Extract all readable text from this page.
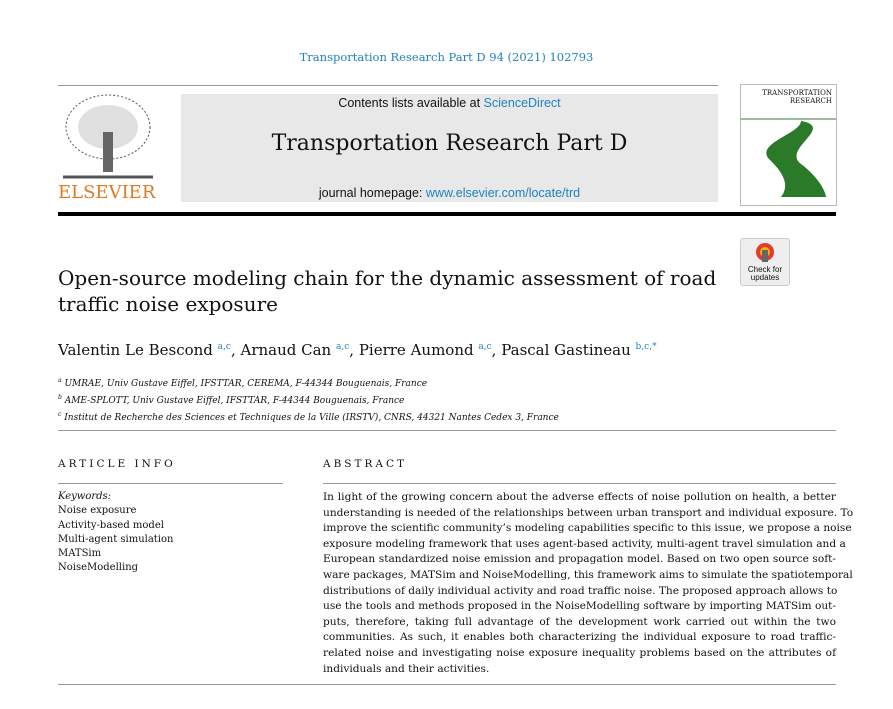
Transportation Research Part D 94 (2021) 102793
ELSEVIER
Contents lists available at ScienceDirect
Transportation Research Part D
journal homepage: www.elsevier.com/locate/trd
TRANSPORTATION RESEARCH
Open-source modeling chain for the dynamic assessment of road traffic noise exposure
Check for updates
Valentin Le Bescond $^{a,c}$, Arnaud Can $^{a,c}$, Pierre Aumond $^{a,c}$, Pascal Gastineau $^{b,c,*}$
$^a$ UMRAE, Univ Gustave Eiffel, IFSTTAR, CEREMA, F-44344 Bouguenais, France
$^b$ AME-SPLOTT, Univ Gustave Eiffel, IFSTTAR, F-44344 Bouguenais, France
$^c$ Institut de Recherche des Sciences et Techniques de la Ville (IRSTV), CNRS, 44321 Nantes Cedex 3, France
ARTICLE INFO	ABSTRACT
Keywords:
Noise exposure
Activity-based model
Multi-agent simulation
MATSim
NoiseModelling
In light of the growing concern about the adverse effects of noise pollution on health, a better
understanding is needed of the relationships between urban transport and individual exposure. To
improve the scientific community’s modeling capabilities specific to this issue, we propose a noise
exposure modeling framework that uses agent-based activity, multi-agent travel simulation and a
European standardized noise emission and propagation model. Based on two open source soft-
ware packages, MATSim and NoiseModelling, this framework aims to simulate the spatiotemporal
distributions of daily individual activity and road traffic noise. The proposed approach allows to
use the tools and methods proposed in the NoiseModelling software by importing MATSim out-
puts, therefore, taking full advantage of the development work carried out within the two
communities. As such, it enables both characterizing the individual exposure to road traffic-
related noise and investigating noise exposure inequality problems based on the attributes of
individuals and their activities.
